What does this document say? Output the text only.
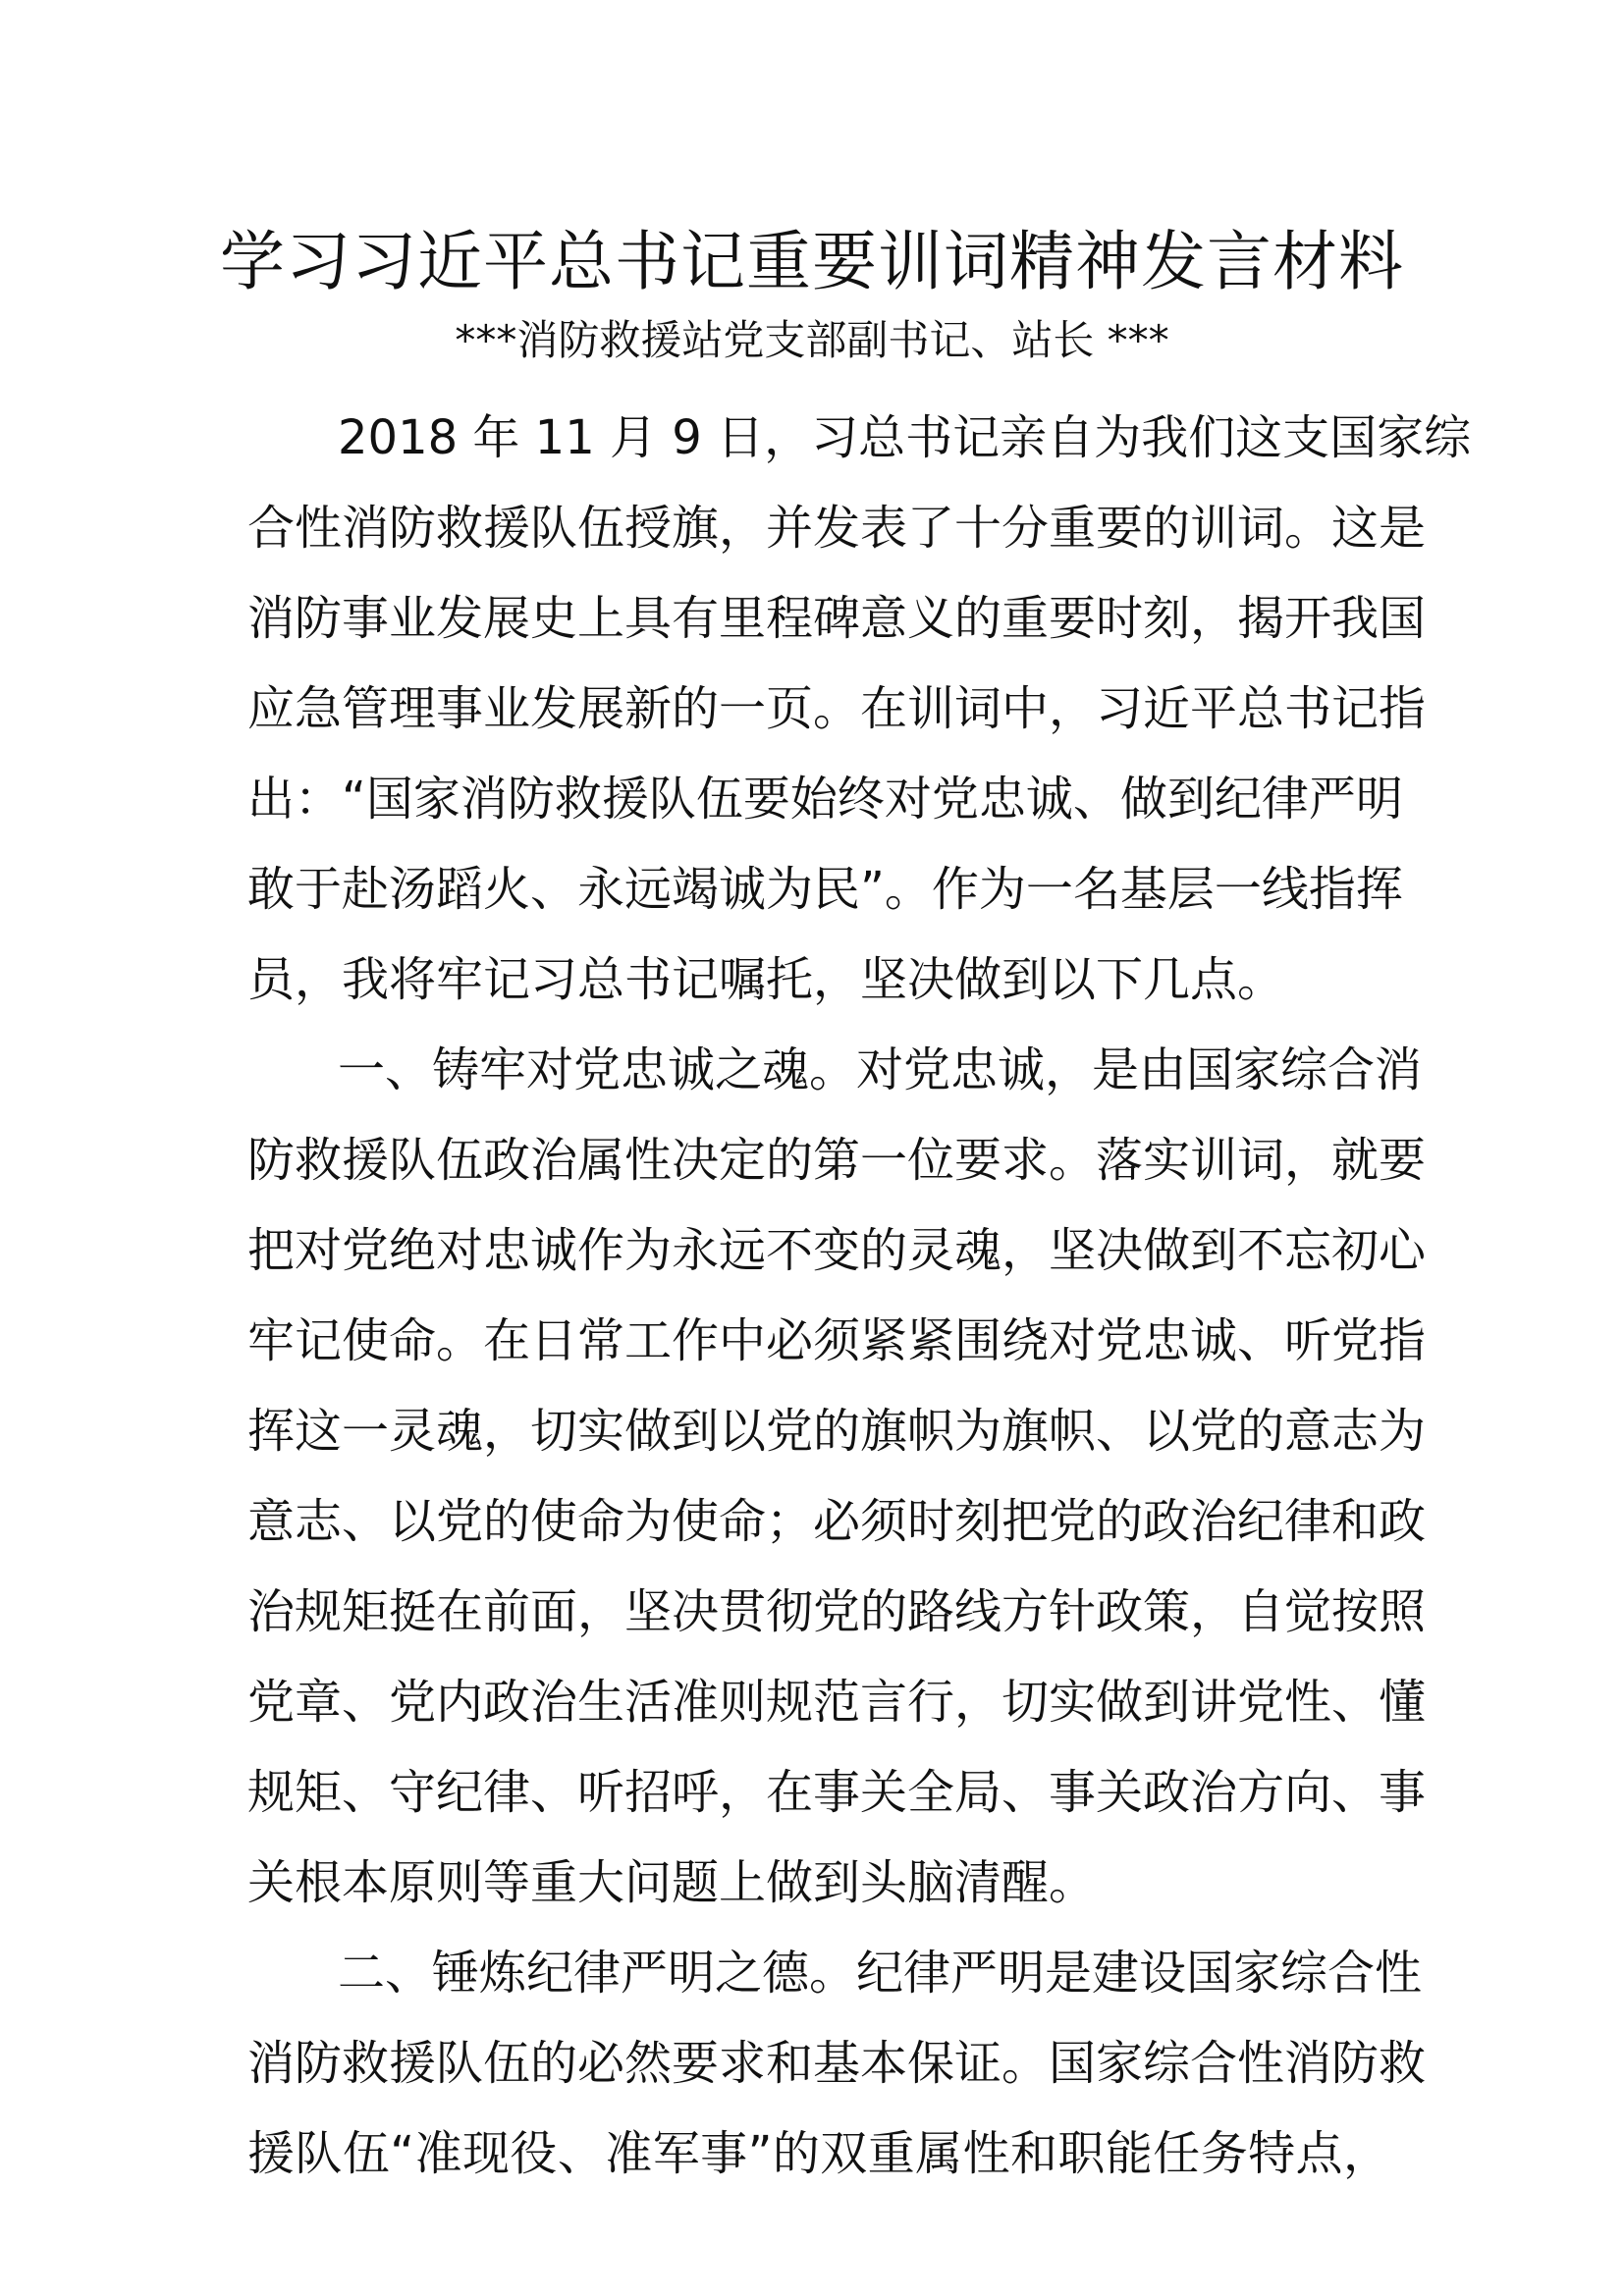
学习习近平总书记重要训词精神发言材料
***消防救援站党支部副书记、站长 ***
2018 年 11 月 9 日，习总书记亲自为我们这支国家综
合性消防救援队伍授旗，并发表了十分重要的训词。这是
消防事业发展史上具有里程碑意义的重要时刻，揭开我国
应急管理事业发展新的一页。在训词中，习近平总书记指
出：“国家消防救援队伍要始终对党忠诚、做到纪律严明
敢于赴汤蹈火、永远竭诚为民”。作为一名基层一线指挥
员，我将牢记习总书记嘱托，坚决做到以下几点。
一、铸牢对党忠诚之魂。对党忠诚，是由国家综合消
防救援队伍政治属性决定的第一位要求。落实训词，就要
把对党绝对忠诚作为永远不变的灵魂，坚决做到不忘初心
牢记使命。在日常工作中必须紧紧围绕对党忠诚、听党指
挥这一灵魂，切实做到以党的旗帜为旗帜、以党的意志为
意志、以党的使命为使命；必须时刻把党的政治纪律和政
治规矩挺在前面，坚决贯彻党的路线方针政策，自觉按照
党章、党内政治生活准则规范言行，切实做到讲党性、懂
规矩、守纪律、听招呼，在事关全局、事关政治方向、事
关根本原则等重大问题上做到头脑清醒。
二、锤炼纪律严明之德。纪律严明是建设国家综合性
消防救援队伍的必然要求和基本保证。国家综合性消防救
援队伍“准现役、准军事”的双重属性和职能任务特点，
